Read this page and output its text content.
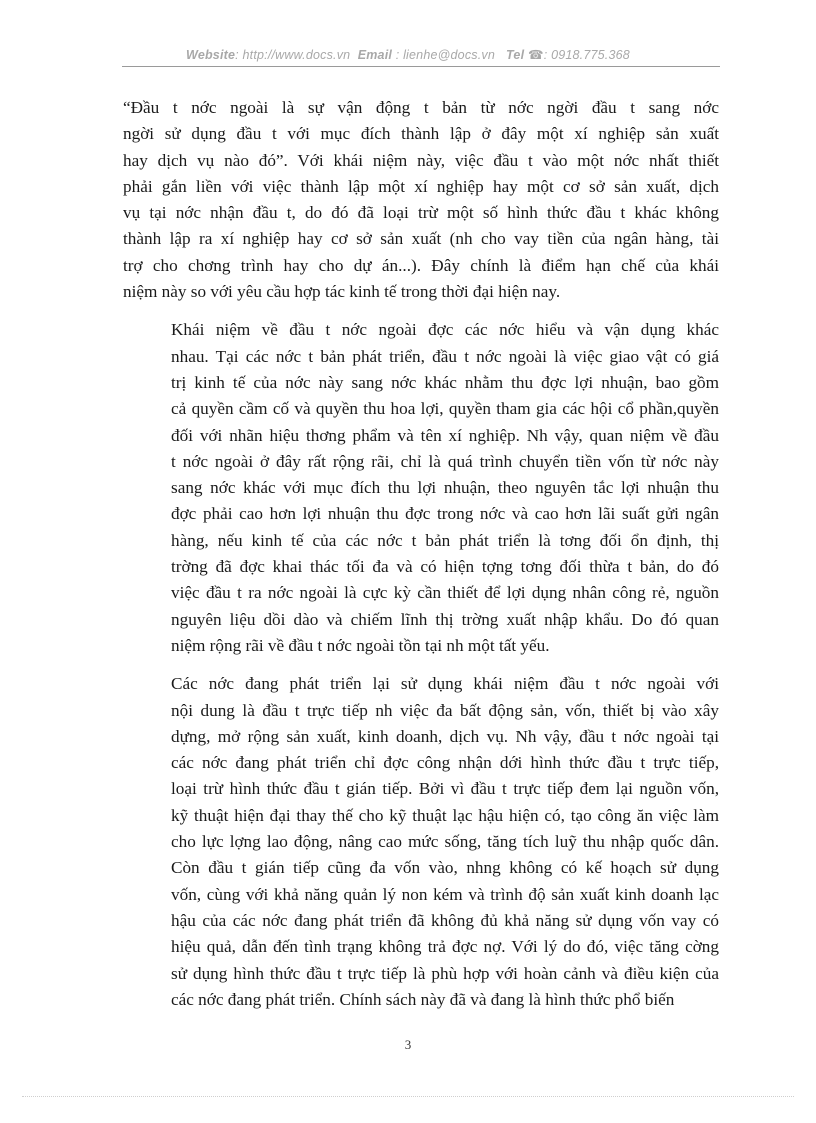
Website: http://www.docs.vn Email : lienhe@docs.vn Tel ☎: 0918.775.368

“Đầu t nớc ngoài là sự vận động t bản từ nớc ngời đầu t sang nớc
ngời sử dụng đầu t với mục đích thành lập ở đây một xí nghiệp sản xuất
hay dịch vụ nào đó”. Với khái niệm này, việc đầu t vào một nớc nhất thiết
phải gắn liền với việc thành lập một xí nghiệp hay một cơ sở sản xuất, dịch
vụ tại nớc nhận đầu t, do đó đã loại trừ một số hình thức đầu t khác không
thành lập ra xí nghiệp hay cơ sở sản xuất (nh cho vay tiền của ngân hàng, tài
trợ cho chơng trình hay cho dự án...). Đây chính là điểm hạn chế của khái
niệm này so với yêu cầu hợp tác kinh tế trong thời đại hiện nay.

Khái niệm về đầu t nớc ngoài đợc các nớc hiểu và vận dụng khác
nhau. Tại các nớc t bản phát triển, đầu t nớc ngoài là việc giao vật có giá
trị kinh tế của nớc này sang nớc khác nhằm thu đợc lợi nhuận, bao gồm
cả quyền cầm cố và quyền thu hoa lợi, quyền tham gia các hội cổ phần,quyền
đối với nhãn hiệu thơng phẩm và tên xí nghiệp. Nh vậy, quan niệm về đầu
t nớc ngoài ở đây rất rộng rãi, chỉ là quá trình chuyển tiền vốn từ nớc này
sang nớc khác với mục đích thu lợi nhuận, theo nguyên tắc lợi nhuận thu
đợc phải cao hơn lợi nhuận thu đợc trong nớc và cao hơn lãi suất gửi ngân
hàng, nếu kinh tế của các nớc t bản phát triển là tơng đối ổn định, thị
trờng đã đợc khai thác tối đa và có hiện tợng tơng đối thừa t bản, do đó
việc đầu t ra nớc ngoài là cực kỳ cần thiết để lợi dụng nhân công rẻ, nguồn
nguyên liệu dồi dào và chiếm lĩnh thị trờng xuất nhập khẩu. Do đó quan
niệm rộng rãi về đầu t nớc ngoài tồn tại nh một tất yếu.

Các nớc đang phát triển lại sử dụng khái niệm đầu t nớc ngoài với
nội dung là đầu t trực tiếp nh việc đa bất động sản, vốn, thiết bị vào xây
dựng, mở rộng sản xuất, kinh doanh, dịch vụ. Nh vậy, đầu t nớc ngoài tại
các nớc đang phát triển chỉ đợc công nhận dới hình thức đầu t trực tiếp,
loại trừ hình thức đầu t gián tiếp. Bởi vì đầu t trực tiếp đem lại nguồn vốn,
kỹ thuật hiện đại thay thế cho kỹ thuật lạc hậu hiện có, tạo công ăn việc làm
cho lực lợng lao động, nâng cao mức sống, tăng tích luỹ thu nhập quốc dân.
Còn đầu t gián tiếp cũng đa vốn vào, nhng không có kế hoạch sử dụng
vốn, cùng với khả năng quản lý non kém và trình độ sản xuất kinh doanh lạc
hậu của các nớc đang phát triển đã không đủ khả năng sử dụng vốn vay có
hiệu quả, dẫn đến tình trạng không trả đợc nợ. Với lý do đó, việc tăng cờng
sử dụng hình thức đầu t trực tiếp là phù hợp với hoàn cảnh và điều kiện của
các nớc đang phát triển. Chính sách này đã và đang là hình thức phổ biến

3
